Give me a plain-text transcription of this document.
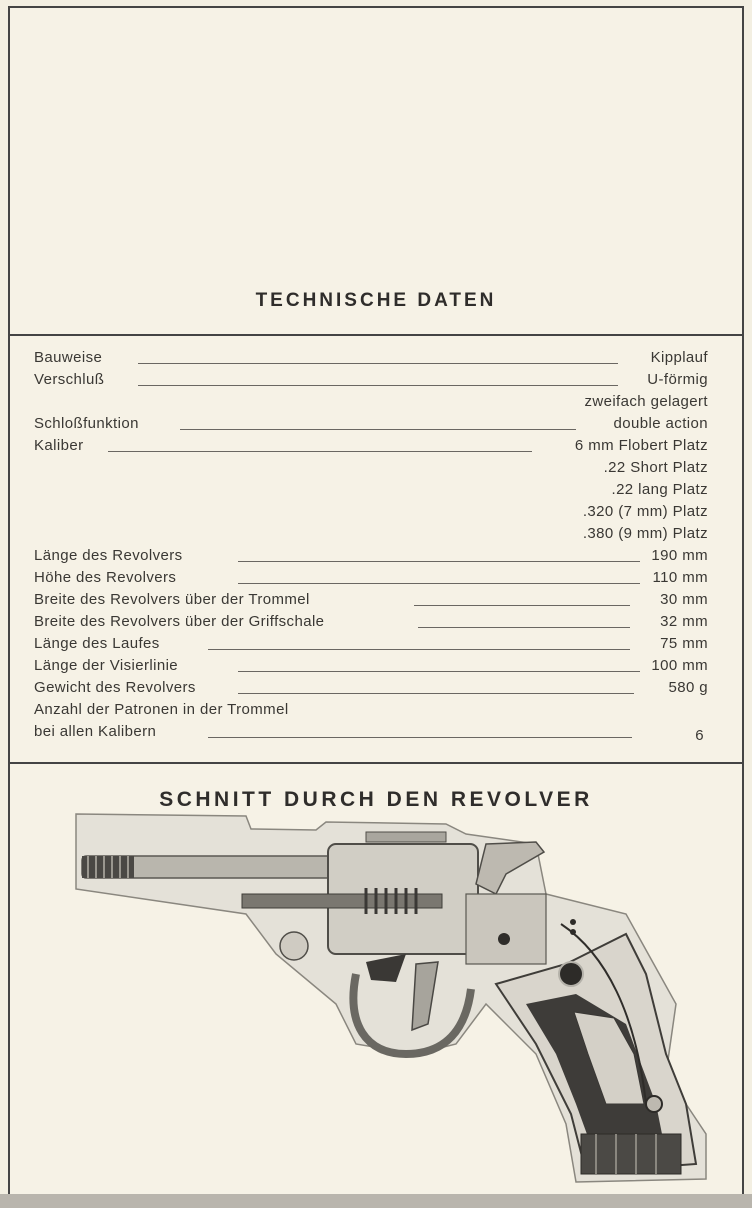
TECHNISCHE DATEN
Bauweise	Kipplauf
Verschluß	U-förmig
zweifach gelagert
Schloßfunktion	double action
Kaliber	6 mm Flobert Platz
.22 Short Platz
.22 lang Platz
.320 (7 mm) Platz
.380 (9 mm) Platz
Länge des Revolvers	190 mm
Höhe des Revolvers	110 mm
Breite des Revolvers über der Trommel	30 mm
Breite des Revolvers über der Griffschale	32 mm
Länge des Laufes	75 mm
Länge der Visierlinie	100 mm
Gewicht des Revolvers	580 g
Anzahl der Patronen in der Trommel
bei allen Kalibern	6
SCHNITT DURCH DEN REVOLVER
